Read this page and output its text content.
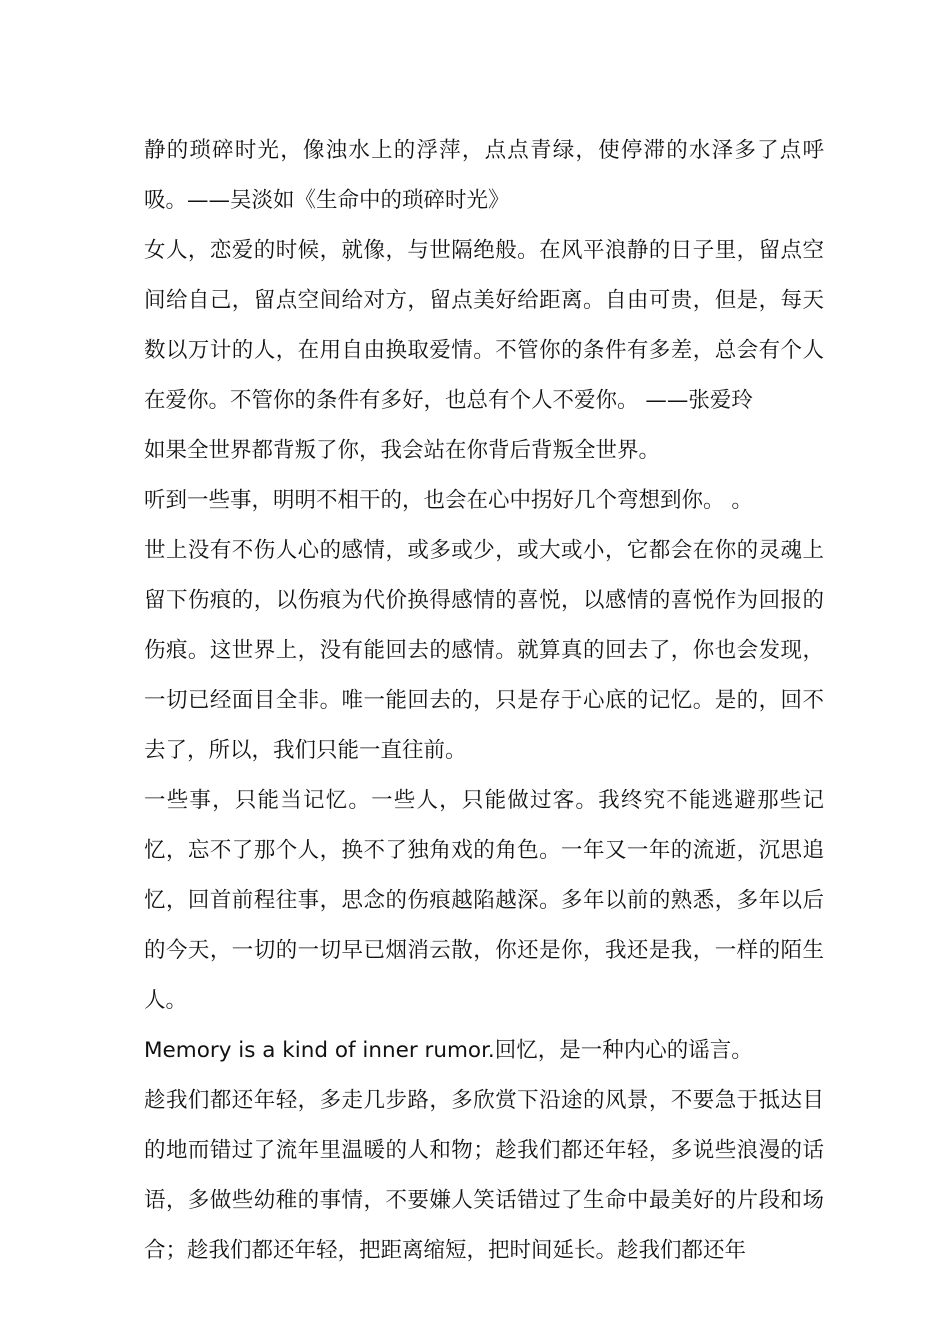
静的琐碎时光，像浊水上的浮萍，点点青绿，使停滞的水泽多了点呼吸。——吴淡如《生命中的琐碎时光》

女人，恋爱的时候，就像，与世隔绝般。在风平浪静的日子里，留点空间给自己，留点空间给对方，留点美好给距离。自由可贵，但是，每天数以万计的人，在用自由换取爱情。不管你的条件有多差，总会有个人在爱你。不管你的条件有多好，也总有个人不爱你。 ——张爱玲

如果全世界都背叛了你，我会站在你背后背叛全世界。

听到一些事，明明不相干的，也会在心中拐好几个弯想到你。 。

世上没有不伤人心的感情，或多或少，或大或小，它都会在你的灵魂上留下伤痕的，以伤痕为代价换得感情的喜悦，以感情的喜悦作为回报的伤痕。这世界上，没有能回去的感情。就算真的回去了，你也会发现，一切已经面目全非。唯一能回去的，只是存于心底的记忆。是的，回不去了，所以，我们只能一直往前。

一些事，只能当记忆。一些人，只能做过客。我终究不能逃避那些记忆，忘不了那个人，换不了独角戏的角色。一年又一年的流逝，沉思追忆，回首前程往事，思念的伤痕越陷越深。多年以前的熟悉，多年以后的今天，一切的一切早已烟消云散，你还是你，我还是我，一样的陌生人。

Memory is a kind of inner rumor.回忆，是一种内心的谣言。

趁我们都还年轻，多走几步路，多欣赏下沿途的风景，不要急于抵达目的地而错过了流年里温暖的人和物；趁我们都还年轻，多说些浪漫的话语，多做些幼稚的事情，不要嫌人笑话错过了生命中最美好的片段和场合；趁我们都还年轻，把距离缩短，把时间延长。趁我们都还年
